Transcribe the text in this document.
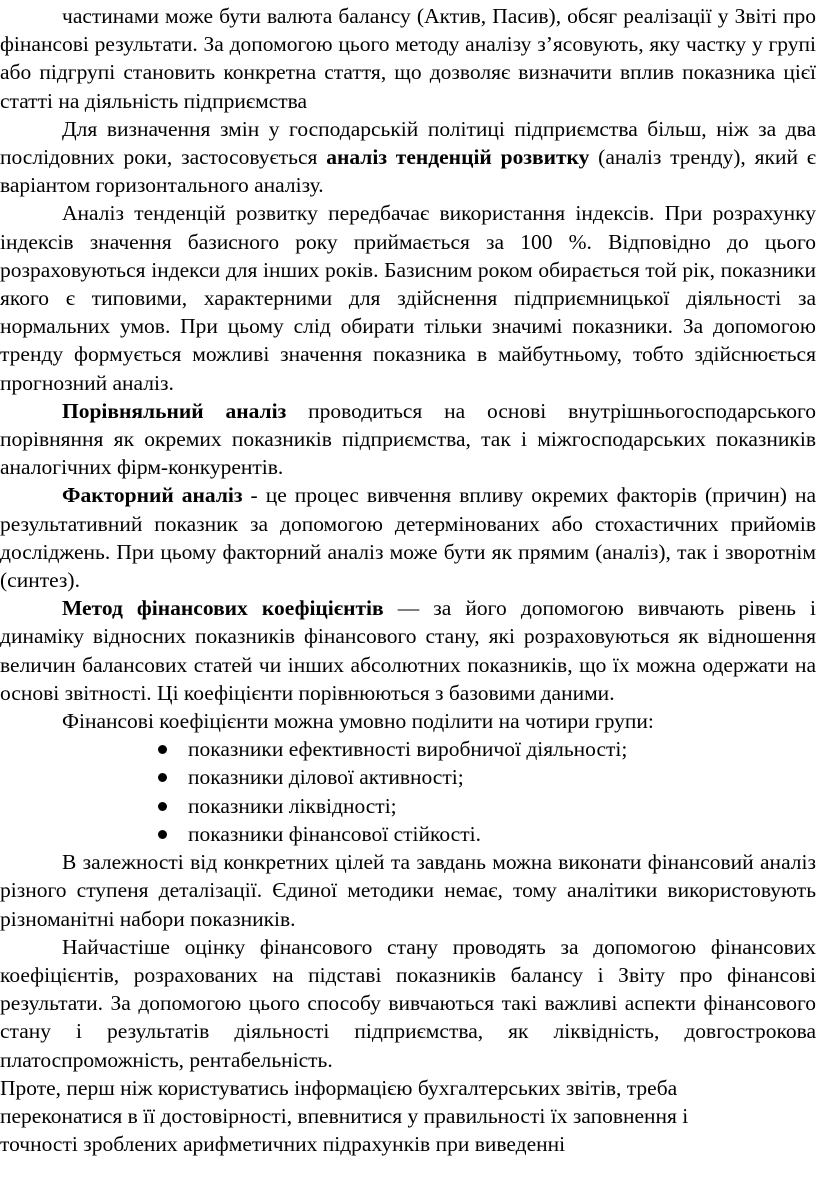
частинами може бути валюта балансу (Актив, Пасив), обсяг реалізації у Звіті про фінансові результати. За допомогою цього методу аналізу з’ясовують, яку частку у групі або підгрупі становить конкретна стаття, що дозволяє визначити вплив показника цієї статті на діяльність підприємства

Для визначення змін у господарській політиці підприємства більш, ніж за два послідовних роки, застосовується аналіз тенденцій розвитку (аналіз тренду), який є варіантом горизонтального аналізу.

Аналіз тенденцій розвитку передбачає використання індексів. При розрахунку індексів значення базисного року приймається за 100 %. Відповідно до цього розраховуються індекси для інших років. Базисним роком обирається той рік, показники якого є типовими, характерними для здійснення підприємницької діяльності за нормальних умов. При цьому слід обирати тільки значимі показники. За допомогою тренду формується можливі значення показника в майбутньому, тобто здійснюється прогнозний аналіз.

Порівняльний аналіз проводиться на основі внутрішньогосподарського порівняння як окремих показників підприємства, так і міжгосподарських показників аналогічних фірм-конкурентів.

Факторний аналіз - це процес вивчення впливу окремих факторів (причин) на результативний показник за допомогою детермінованих або стохастичних прийомів досліджень. При цьому факторний аналіз може бути як прямим (аналіз), так і зворотнім (синтез).

Метод фінансових коефіцієнтів — за його допомогою вивчають рівень і динаміку відносних показників фінансового стану, які розраховуються як відношення величин балансових статей чи інших абсолютних показників, що їх можна одержати на основі звітності. Ці коефіцієнти порівнюються з базовими даними.

Фінансові коефіцієнти можна умовно поділити на чотири групи:

показники ефективності виробничої діяльності;
показники ділової активності;
показники ліквідності;
показники фінансової стійкості.

В залежності від конкретних цілей та завдань можна виконати фінансовий аналіз різного ступеня деталізації. Єдиної методики немає, тому аналітики використовують різноманітні набори показників.

Найчастіше оцінку фінансового стану проводять за допомогою фінансових коефіцієнтів, розрахованих на підставі показників балансу і Звіту про фінансові результати. За допомогою цього способу вивчаються такі важливі аспекти фінансового стану і результатів діяльності підприємства, як ліквідність, довгострокова платоспроможність, рентабельність.

Проте, перш ніж користуватись інформацією бухгалтерських звітів, треба
переконатися в її достовірності, впевнитися у правильності їх заповнення і
точності зроблених арифметичних підрахунків при виведенні
